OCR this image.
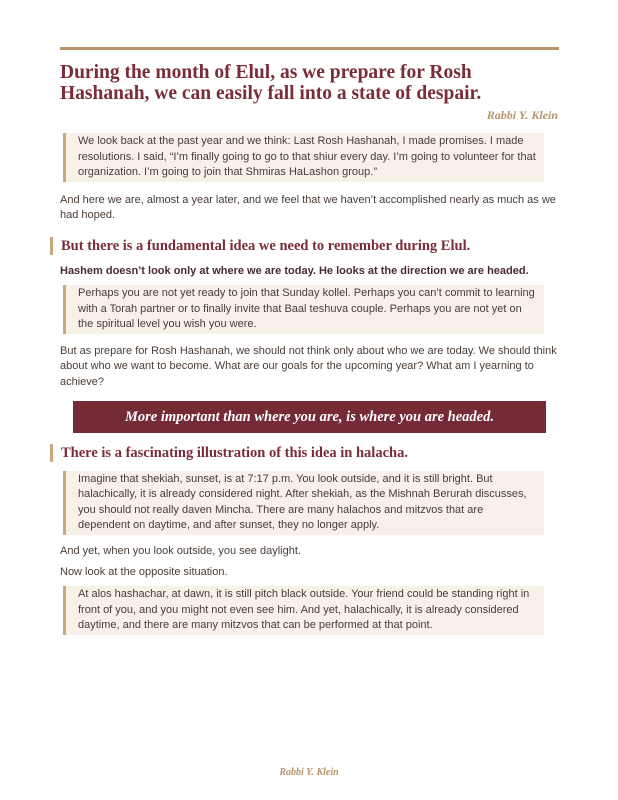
During the month of Elul, as we prepare for Rosh Hashanah, we can easily fall into a state of despair.
Rabbi Y. Klein
We look back at the past year and we think: Last Rosh Hashanah, I made promises. I made resolutions. I said, “I’m finally going to go to that shiur every day. I’m going to volunteer for that organization. I’m going to join that Shmiras HaLashon group.”

And here we are, almost a year later, and we feel that we haven’t accomplished nearly as much as we had hoped.

But there is a fundamental idea we need to remember during Elul.

Hashem doesn’t look only at where we are today. He looks at the direction we are headed.

Perhaps you are not yet ready to join that Sunday kollel. Perhaps you can’t commit to learning with a Torah partner or to finally invite that Baal teshuva couple. Perhaps you are not yet on the spiritual level you wish you were.

But as prepare for Rosh Hashanah, we should not think only about who we are today. We should think about who we want to become. What are our goals for the upcoming year? What am I yearning to achieve?

More important than where you are, is where you are headed.
There is a fascinating illustration of this idea in halacha.
Imagine that shekiah, sunset, is at 7:17 p.m. You look outside, and it is still bright. But halachically, it is already considered night. After shekiah, as the Mishnah Berurah discusses, you should not really daven Mincha. There are many halachos and mitzvos that are dependent on daytime, and after sunset, they no longer apply.

And yet, when you look outside, you see daylight.

Now look at the opposite situation.

At alos hashachar, at dawn, it is still pitch black outside. Your friend could be standing right in front of you, and you might not even see him. And yet, halachically, it is already considered daytime, and there are many mitzvos that can be performed at that point.
Rabbi Y. Klein
